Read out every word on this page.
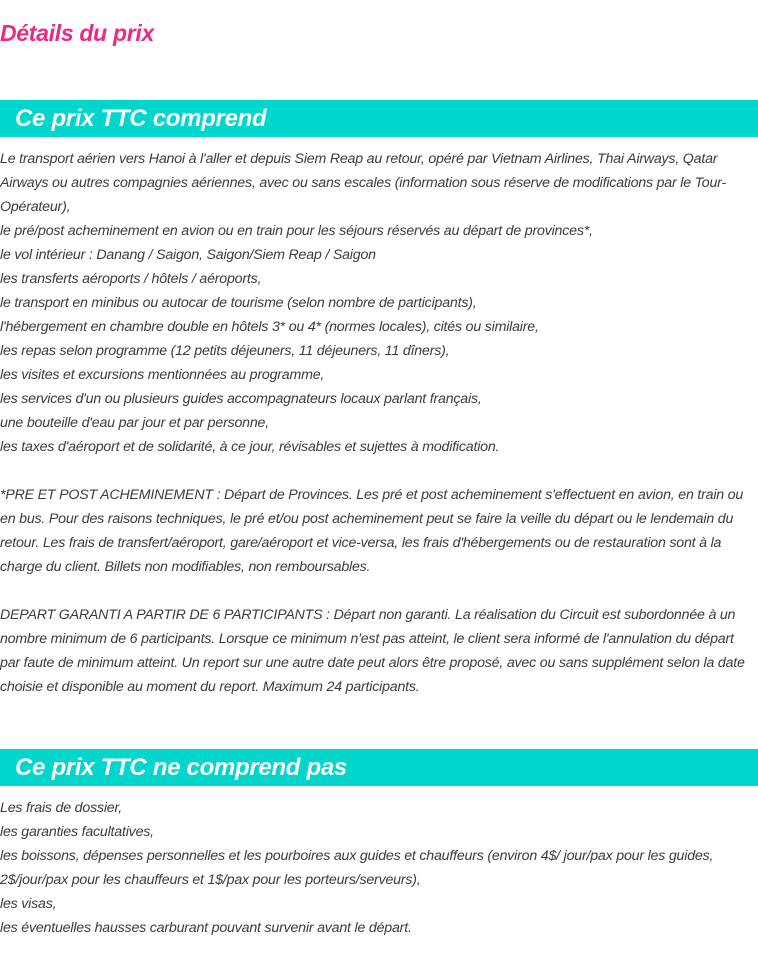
Détails du prix
Ce prix TTC comprend

Le transport aérien vers Hanoi à l'aller et depuis Siem Reap au retour, opéré par Vietnam Airlines, Thai Airways, Qatar Airways ou autres compagnies aériennes, avec ou sans escales (information sous réserve de modifications par le Tour-Opérateur),

le pré/post acheminement en avion ou en train pour les séjours réservés au départ de provinces*,

le vol intérieur : Danang / Saigon, Saigon/Siem Reap / Saigon

les transferts aéroports / hôtels / aéroports,

le transport en minibus ou autocar de tourisme (selon nombre de participants),

l'hébergement en chambre double en hôtels 3* ou 4* (normes locales), cités ou similaire,

les repas selon programme (12 petits déjeuners, 11 déjeuners, 11 dîners),

les visites et excursions mentionnées au programme,

les services d'un ou plusieurs guides accompagnateurs locaux parlant français,

une bouteille d'eau par jour et par personne,

les taxes d'aéroport et de solidarité, à ce jour, révisables et sujettes à modification.

*PRE ET POST ACHEMINEMENT : Départ de Provinces. Les pré et post acheminement s'effectuent en avion, en train ou en bus. Pour des raisons techniques, le pré et/ou post acheminement peut se faire la veille du départ ou le lendemain du retour. Les frais de transfert/aéroport, gare/aéroport et vice-versa, les frais d'hébergements ou de restauration sont à la charge du client. Billets non modifiables, non remboursables.

DEPART GARANTI A PARTIR DE 6 PARTICIPANTS : Départ non garanti. La réalisation du Circuit est subordonnée à un nombre minimum de 6 participants. Lorsque ce minimum n'est pas atteint, le client sera informé de l'annulation du départ par faute de minimum atteint. Un report sur une autre date peut alors être proposé, avec ou sans supplément selon la date choisie et disponible au moment du report. Maximum 24 participants.

Ce prix TTC ne comprend pas

Les frais de dossier,

les garanties facultatives,

les boissons, dépenses personnelles et les pourboires aux guides et chauffeurs (environ 4$/ jour/pax pour les guides, 2$/jour/pax pour les chauffeurs et 1$/pax pour les porteurs/serveurs),

les visas,

les éventuelles hausses carburant pouvant survenir avant le départ.
